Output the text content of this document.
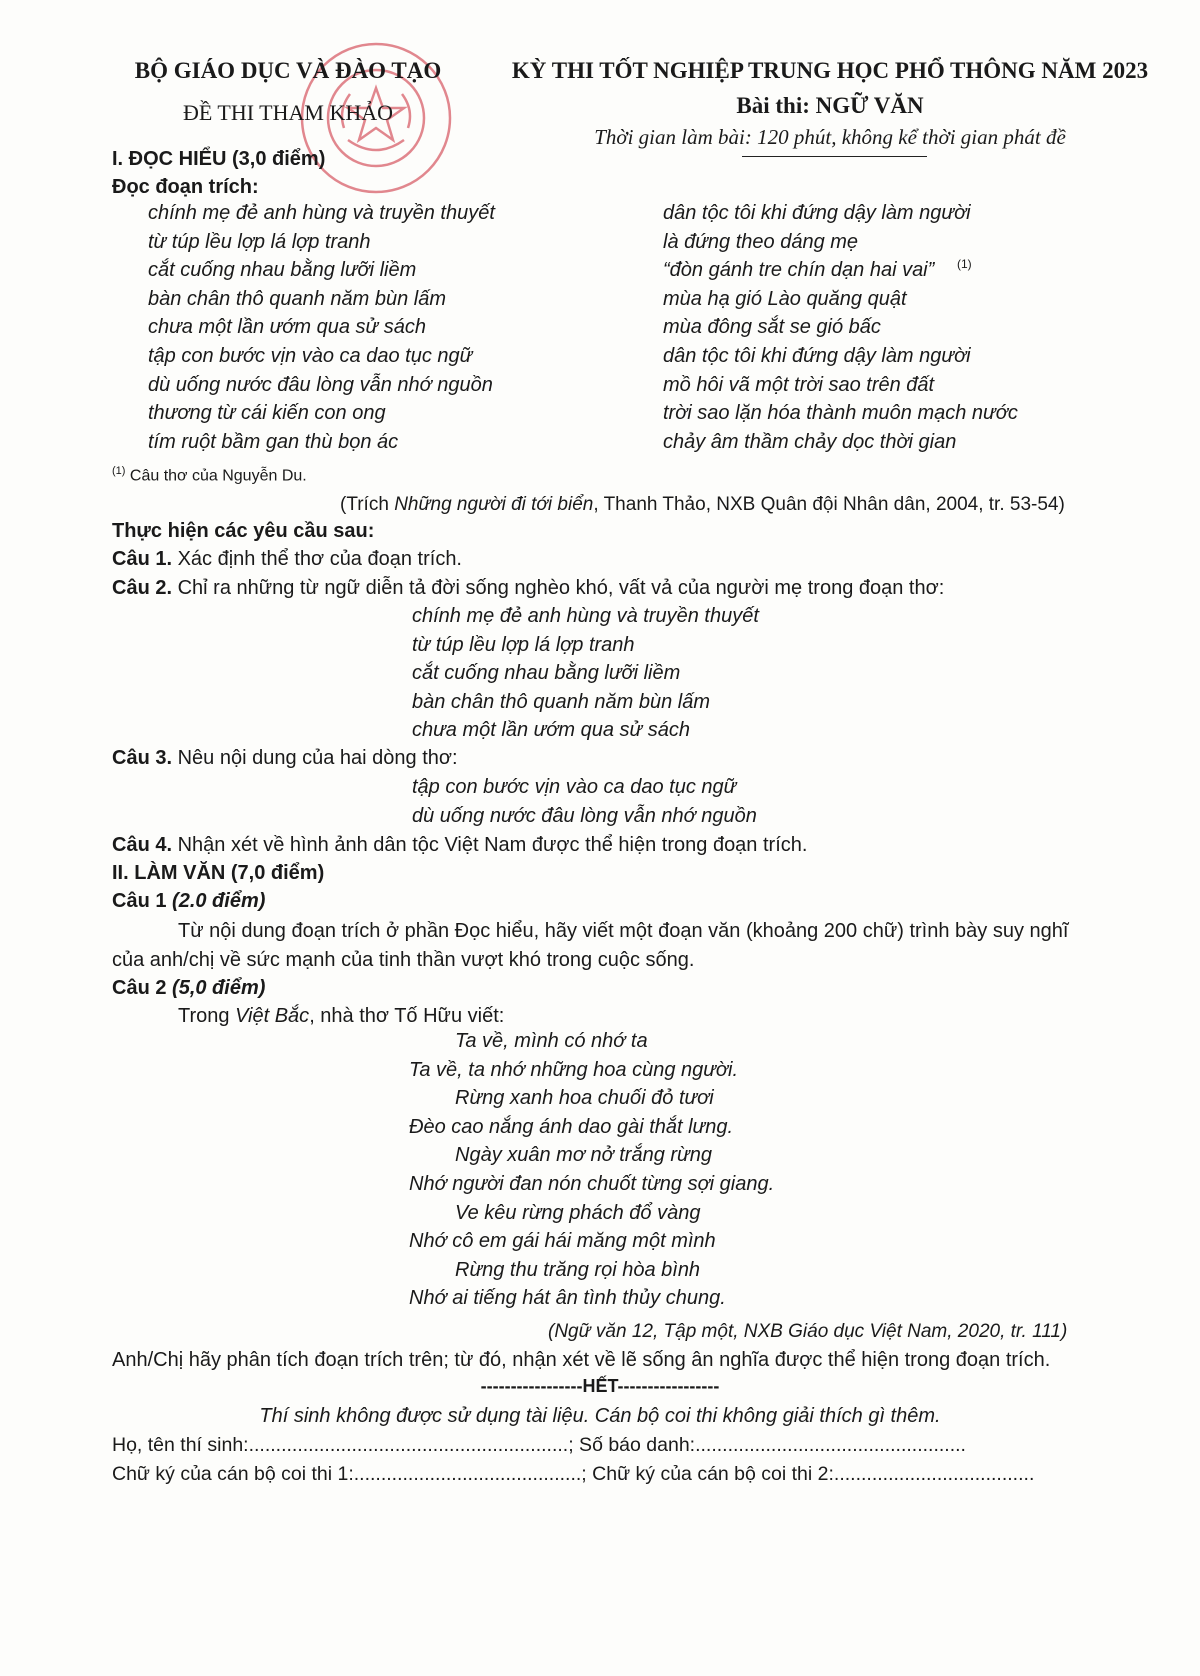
BỘ GIÁO DỤC VÀ ĐÀO TẠO
ĐỀ THI THAM KHẢO
KỲ THI TỐT NGHIỆP TRUNG HỌC PHỔ THÔNG NĂM 2023
Bài thi: NGỮ VĂN
Thời gian làm bài: 120 phút, không kể thời gian phát đề
I. ĐỌC HIỂU (3,0 điểm)
Đọc đoạn trích:
chính mẹ đẻ anh hùng và truyền thuyết
từ túp lều lợp lá lợp tranh
cắt cuống nhau bằng lưỡi liềm
bàn chân thô quanh năm bùn lấm
chưa một lần ướm qua sử sách
tập con bước vịn vào ca dao tục ngữ
dù uống nước đâu lòng vẫn nhớ nguồn
thương từ cái kiến con ong
tím ruột bầm gan thù bọn ác
dân tộc tôi khi đứng dậy làm người
là đứng theo dáng mẹ
“đòn gánh tre chín dạn hai vai” (1)
mùa hạ gió Lào quăng quật
mùa đông sắt se gió bấc
dân tộc tôi khi đứng dậy làm người
mồ hôi vã một trời sao trên đất
trời sao lặn hóa thành muôn mạch nước
chảy âm thầm chảy dọc thời gian
$^{(1)}$ Câu thơ của Nguyễn Du.
(Trích Những người đi tới biển, Thanh Thảo, NXB Quân đội Nhân dân, 2004, tr. 53-54)
Thực hiện các yêu cầu sau:
Câu 1. Xác định thể thơ của đoạn trích.
Câu 2. Chỉ ra những từ ngữ diễn tả đời sống nghèo khó, vất vả của người mẹ trong đoạn thơ:
chính mẹ đẻ anh hùng và truyền thuyết
từ túp lều lợp lá lợp tranh
cắt cuống nhau bằng lưỡi liềm
bàn chân thô quanh năm bùn lấm
chưa một lần ướm qua sử sách
Câu 3. Nêu nội dung của hai dòng thơ:
tập con bước vịn vào ca dao tục ngữ
dù uống nước đâu lòng vẫn nhớ nguồn
Câu 4. Nhận xét về hình ảnh dân tộc Việt Nam được thể hiện trong đoạn trích.
II. LÀM VĂN (7,0 điểm)
Câu 1 (2.0 điểm)
Từ nội dung đoạn trích ở phần Đọc hiểu, hãy viết một đoạn văn (khoảng 200 chữ) trình bày suy nghĩ
của anh/chị về sức mạnh của tinh thần vượt khó trong cuộc sống.
Câu 2 (5,0 điểm)
Trong Việt Bắc, nhà thơ Tố Hữu viết:
Ta về, mình có nhớ ta
Ta về, ta nhớ những hoa cùng người.
Rừng xanh hoa chuối đỏ tươi
Đèo cao nắng ánh dao gài thắt lưng.
Ngày xuân mơ nở trắng rừng
Nhớ người đan nón chuốt từng sợi giang.
Ve kêu rừng phách đổ vàng
Nhớ cô em gái hái măng một mình
Rừng thu trăng rọi hòa bình
Nhớ ai tiếng hát ân tình thủy chung.
(Ngữ văn 12, Tập một, NXB Giáo dục Việt Nam, 2020, tr. 111)
Anh/Chị hãy phân tích đoạn trích trên; từ đó, nhận xét về lẽ sống ân nghĩa được thể hiện trong đoạn trích.
-----------------HẾT-----------------
Thí sinh không được sử dụng tài liệu. Cán bộ coi thi không giải thích gì thêm.
Họ, tên thí sinh:...........................................................; Số báo danh:..................................................
Chữ ký của cán bộ coi thi 1:..........................................; Chữ ký của cán bộ coi thi 2:.....................................
